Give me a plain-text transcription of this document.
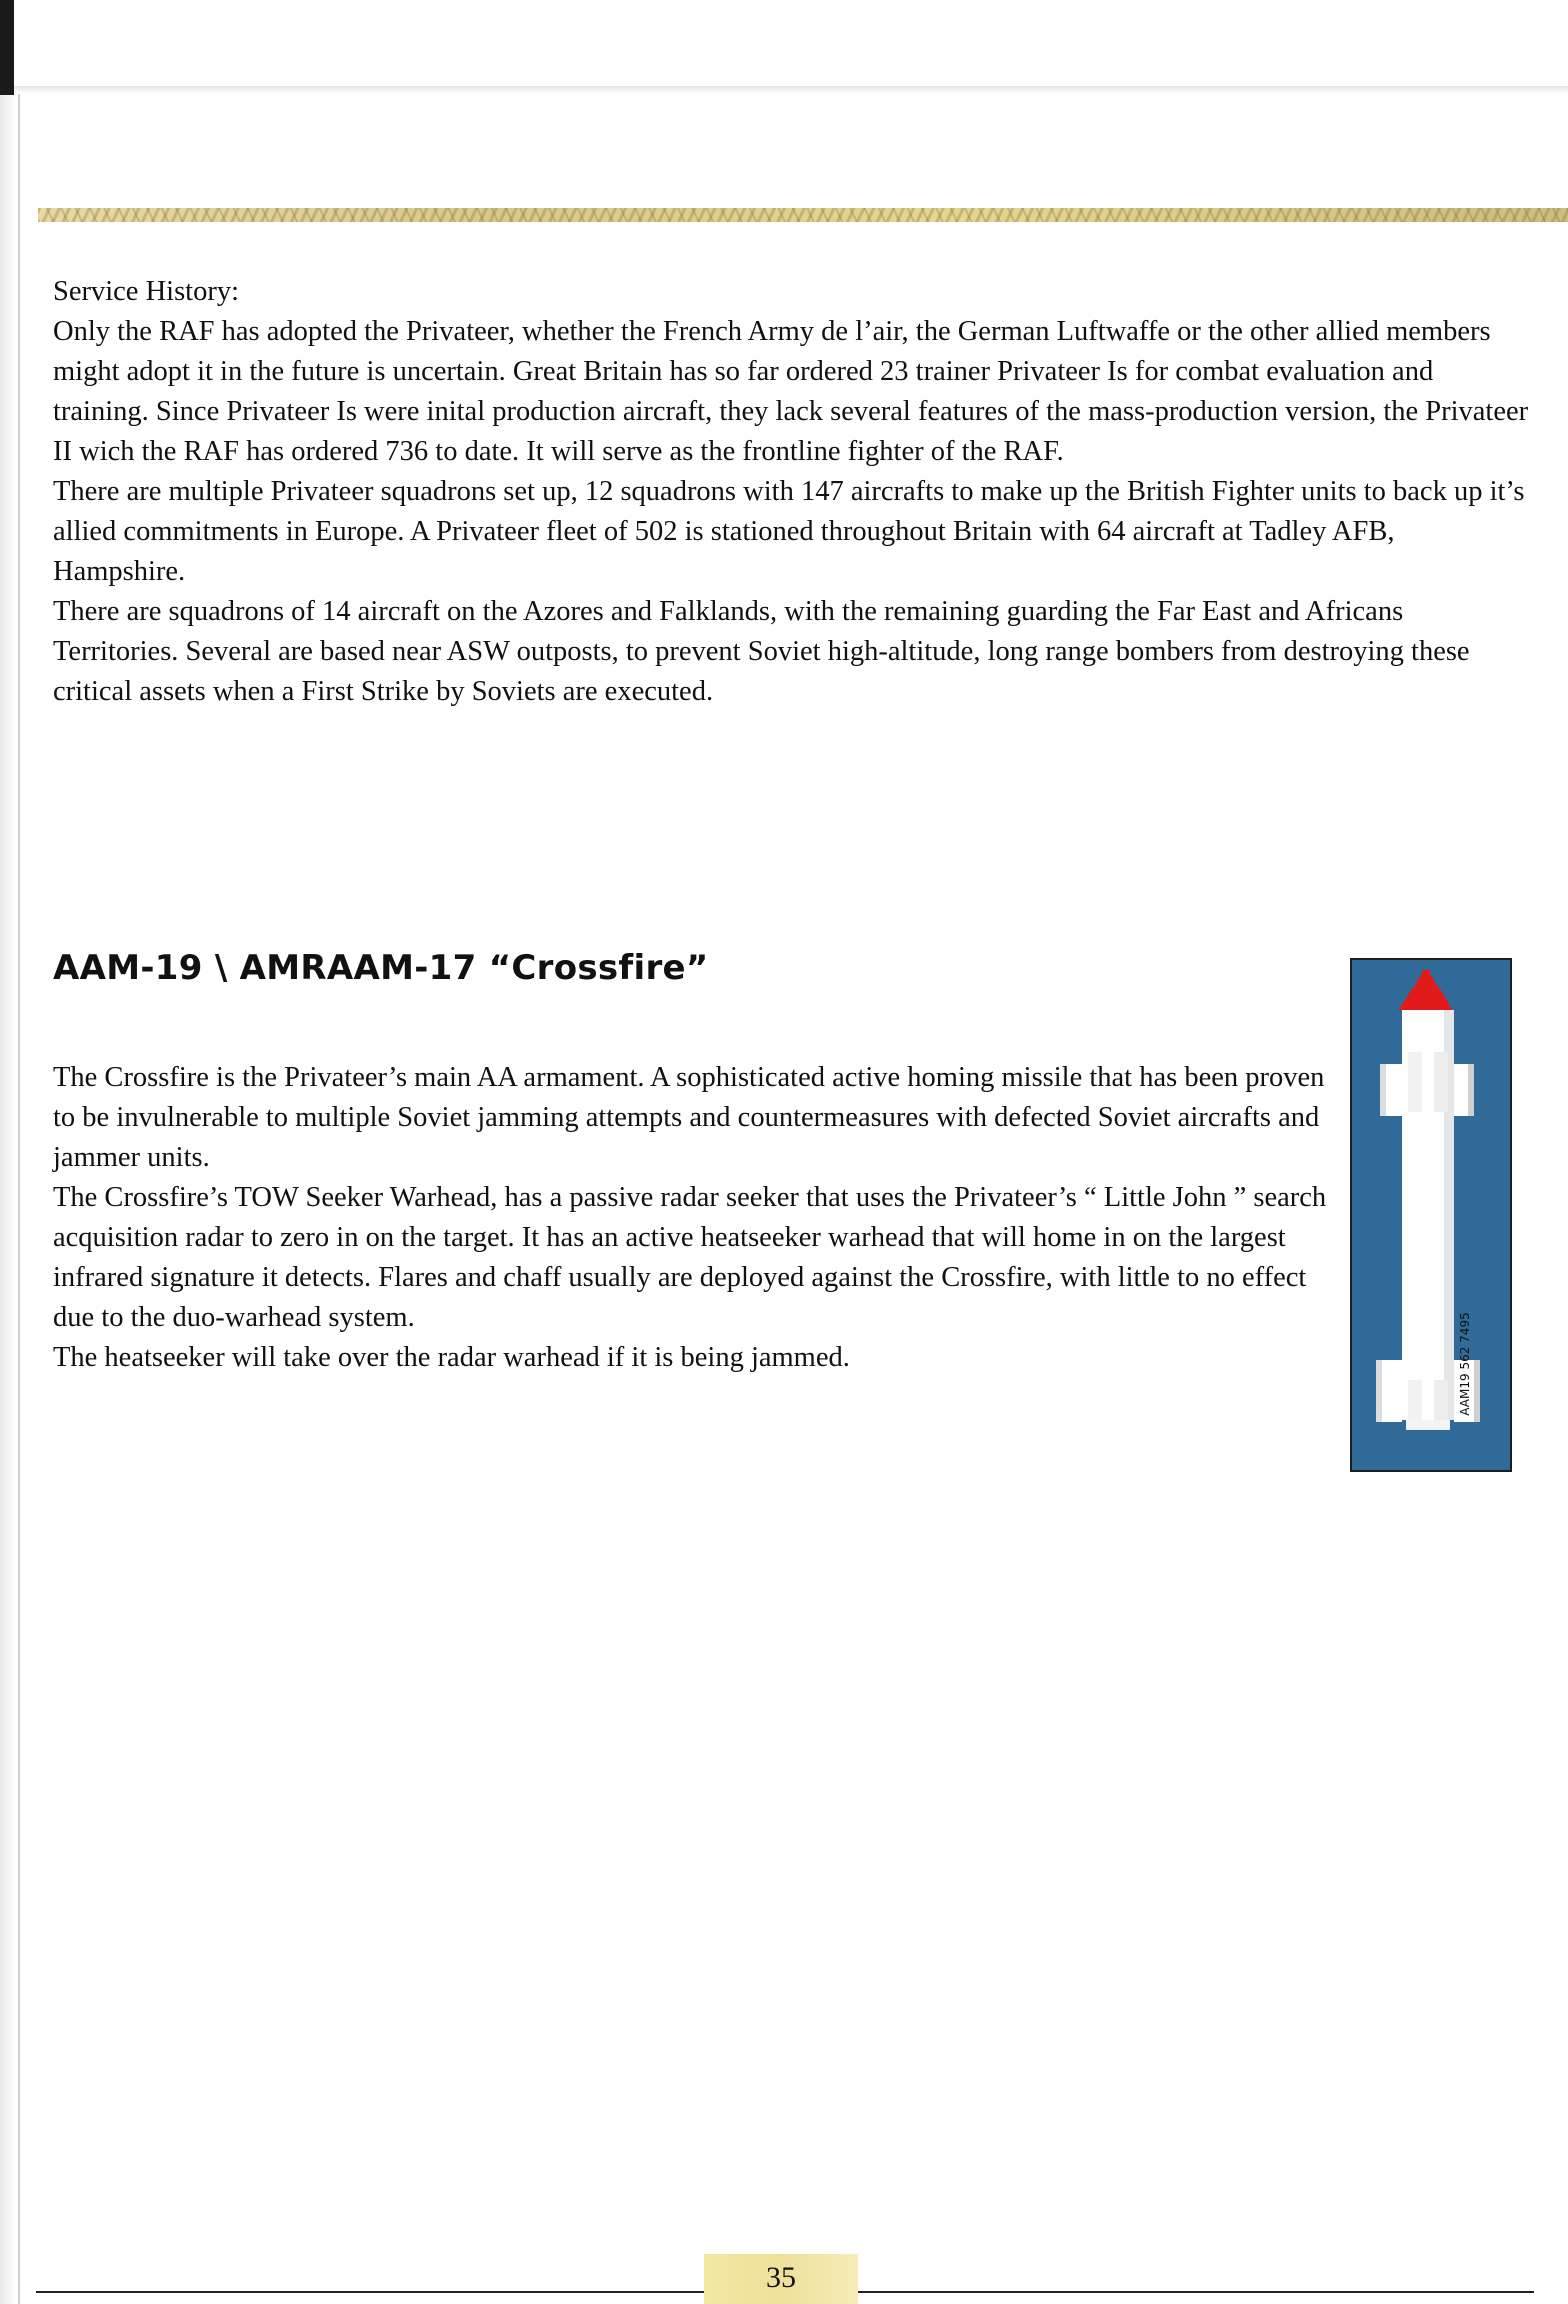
Service History:

Only the RAF has adopted the Privateer, whether the French Army de l’air, the German Luftwaffe or the other allied members might adopt it in the future is uncertain. Great Britain has so far ordered 23 trainer Privateer Is for combat evaluation and training. Since Privateer Is were inital production aircraft, they lack several features of the mass-production version, the Privateer II wich the RAF has ordered 736 to date. It will serve as the frontline fighter of the RAF.

There are multiple Privateer squadrons set up, 12 squadrons with 147 aircrafts to make up the British Fighter units to back up it’s allied commitments in Europe. A Privateer fleet of 502 is stationed throughout Britain with 64 aircraft at Tadley AFB, Hampshire.

There are squadrons of 14 aircraft on the Azores and Falklands, with the remaining guarding the Far East and Africans Territories. Several are based near ASW outposts, to prevent Soviet high-altitude, long range bombers from destroying these critical assets when a First Strike by Soviets are executed.

AAM-19 \ AMRAAM-17 “Crossfire”

The Crossfire is the Privateer’s main AA armament. A sophisticated active homing missile that has been proven to be invulnerable to multiple Soviet jamming attempts and countermeasures with defected Soviet aircrafts and jammer units.

The Crossfire’s TOW Seeker Warhead, has a passive radar seeker that uses the Privateer’s “ Little John ” search acquisition radar to zero in on the target. It has an active heatseeker warhead that will home in on the largest infrared signature it detects. Flares and chaff usually are deployed against the Crossfire, with little to no effect due to the duo-warhead system.

The heatseeker will take over the radar warhead if it is being jammed.	AAM19 562 7495
35
